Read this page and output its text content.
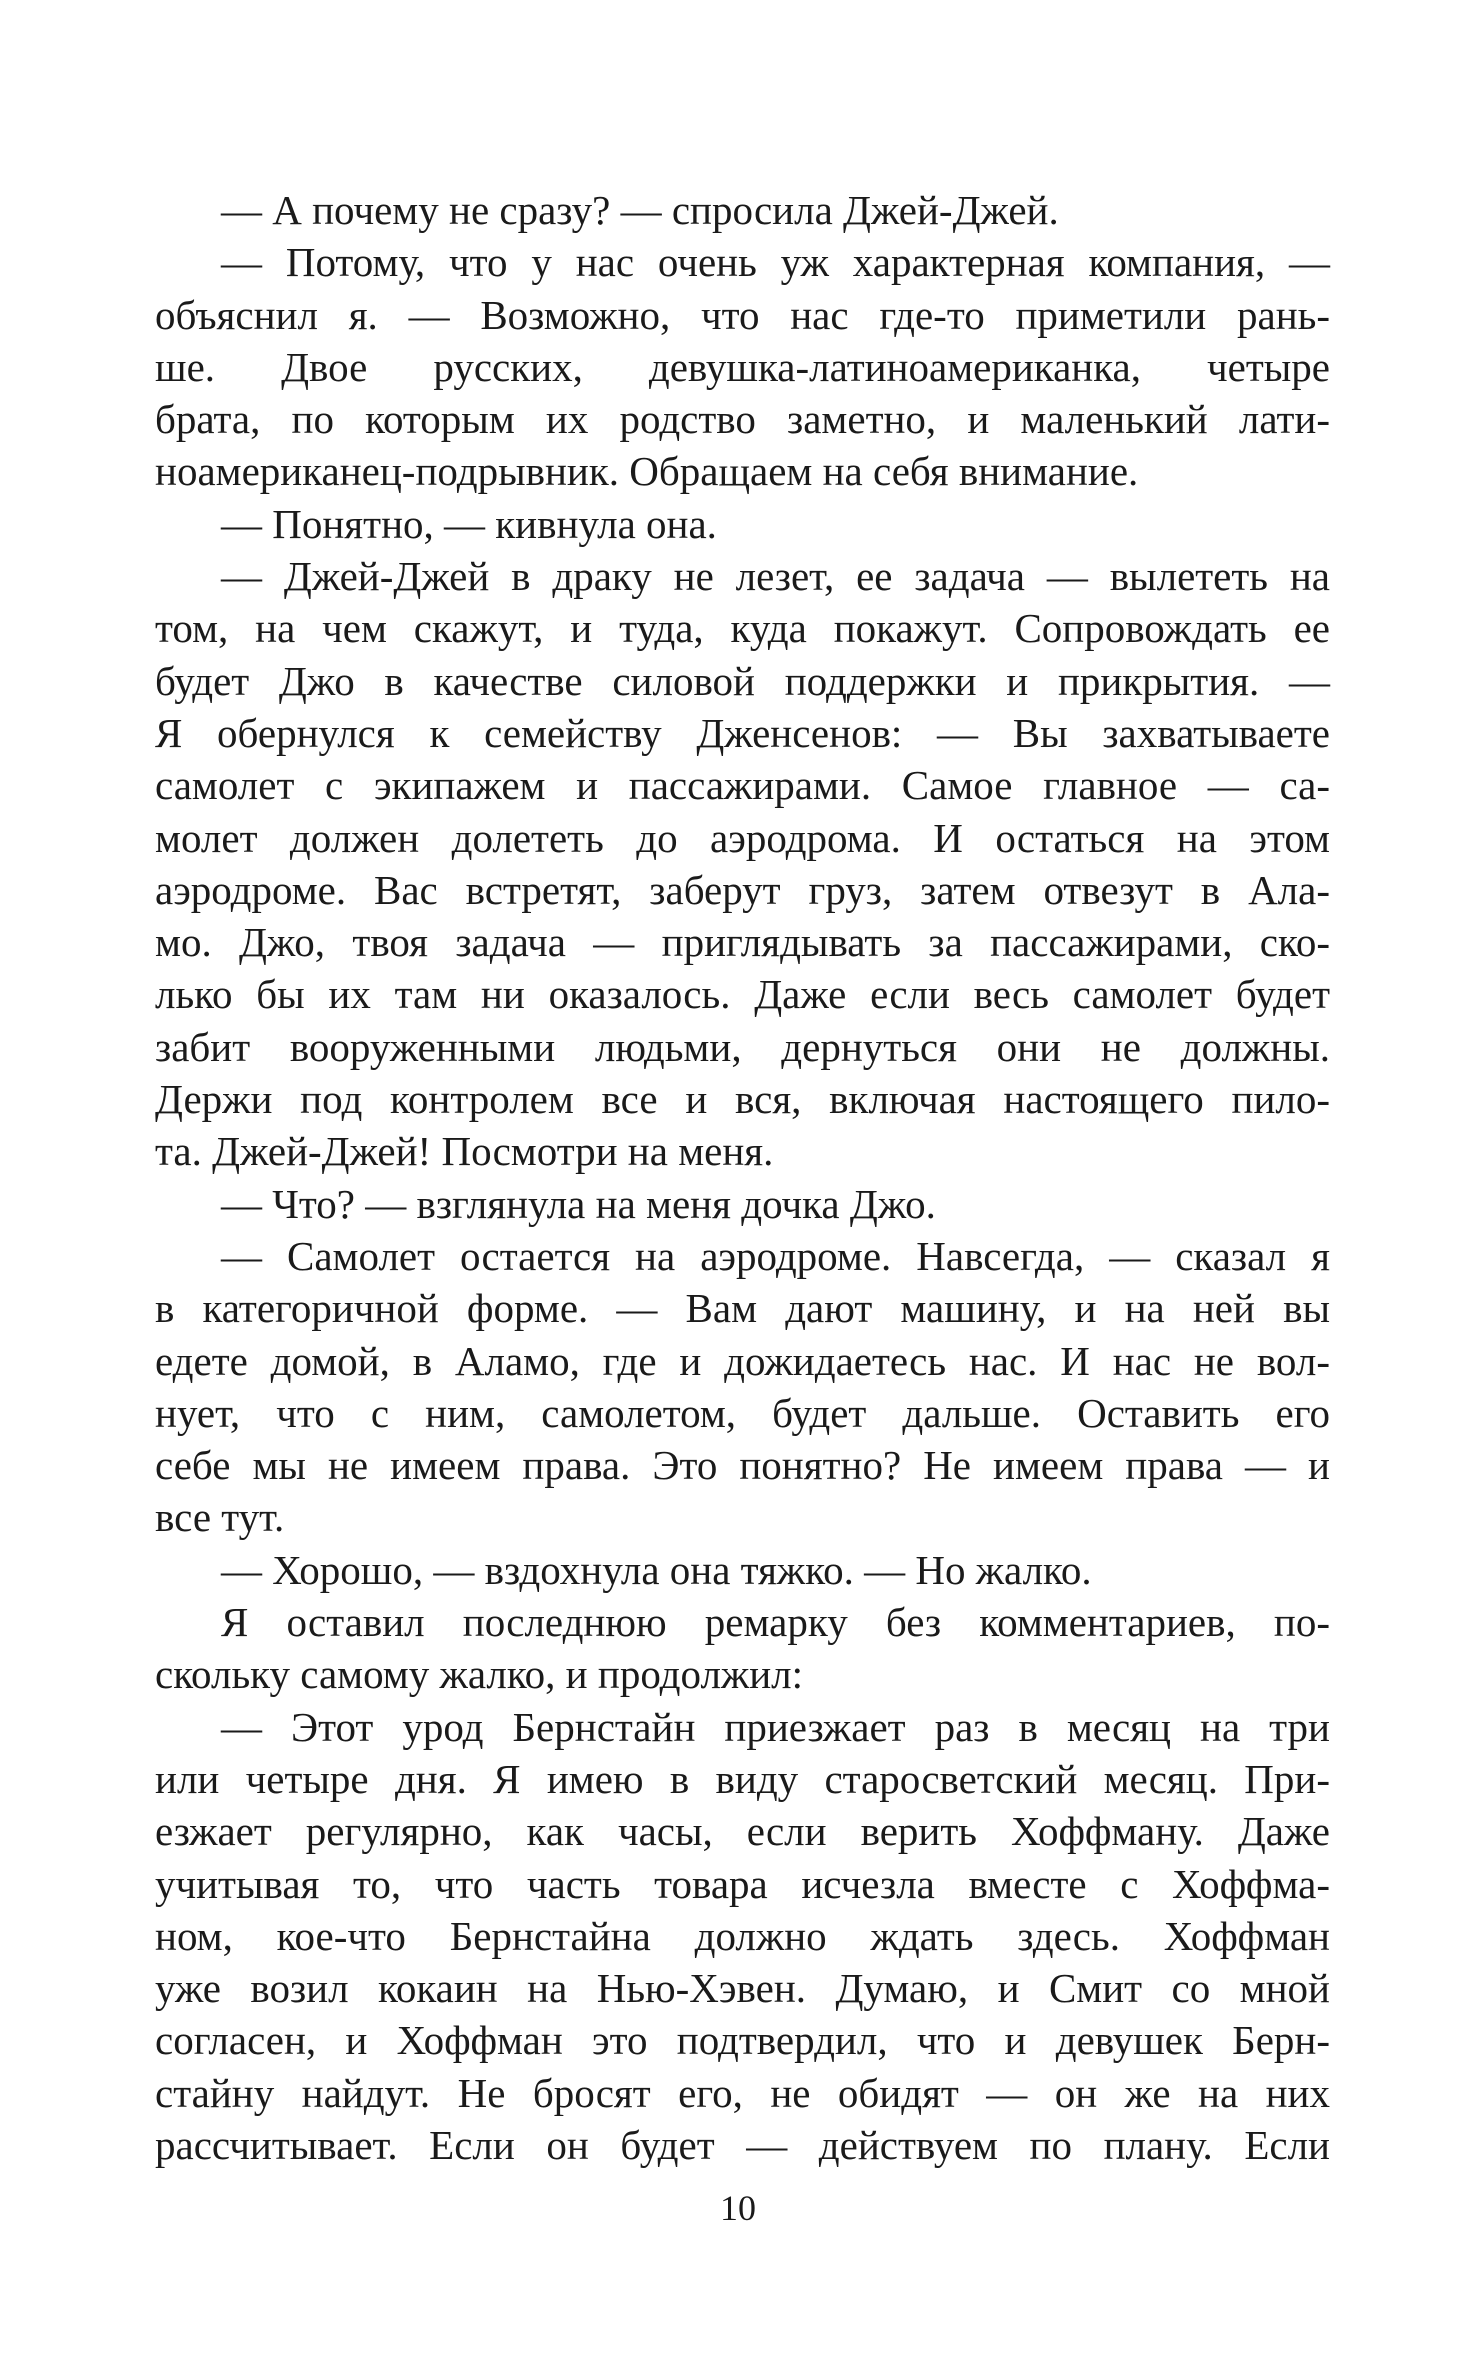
— А почему не сразу? — спросила Джей-Джей.
— Потому, что у нас очень уж характерная компания, —
объяснил я. — Возможно, что нас где-то приметили рань-
ше. Двое русских, девушка-латиноамериканка, четыре
брата, по которым их родство заметно, и маленький лати-
ноамериканец-подрывник. Обращаем на себя внимание.
— Понятно, — кивнула она.
— Джей-Джей в драку не лезет, ее задача — вылететь на
том, на чем скажут, и туда, куда покажут. Сопровождать ее
будет Джо в качестве силовой поддержки и прикрытия. —
Я обернулся к семейству Дженсенов: — Вы захватываете
самолет с экипажем и пассажирами. Самое главное — са-
молет должен долететь до аэродрома. И остаться на этом
аэродроме. Вас встретят, заберут груз, затем отвезут в Ала-
мо. Джо, твоя задача — приглядывать за пассажирами, ско-
лько бы их там ни оказалось. Даже если весь самолет будет
забит вооруженными людьми, дернуться они не должны.
Держи под контролем все и вся, включая настоящего пило-
та. Джей-Джей! Посмотри на меня.
— Что? — взглянула на меня дочка Джо.
— Самолет остается на аэродроме. Навсегда, — сказал я
в категоричной форме. — Вам дают машину, и на ней вы
едете домой, в Аламо, где и дожидаетесь нас. И нас не вол-
нует, что с ним, самолетом, будет дальше. Оставить его
себе мы не имеем права. Это понятно? Не имеем права — и
все тут.
— Хорошо, — вздохнула она тяжко. — Но жалко.
Я оставил последнюю ремарку без комментариев, по-
скольку самому жалко, и продолжил:
— Этот урод Бернстайн приезжает раз в месяц на три
или четыре дня. Я имею в виду старосветский месяц. При-
езжает регулярно, как часы, если верить Хоффману. Даже
учитывая то, что часть товара исчезла вместе с Хоффма-
ном, кое-что Бернстайна должно ждать здесь. Хоффман
уже возил кокаин на Нью-Хэвен. Думаю, и Смит со мной
согласен, и Хоффман это подтвердил, что и девушек Берн-
стайну найдут. Не бросят его, не обидят — он же на них
рассчитывает. Если он будет — действуем по плану. Если
10
